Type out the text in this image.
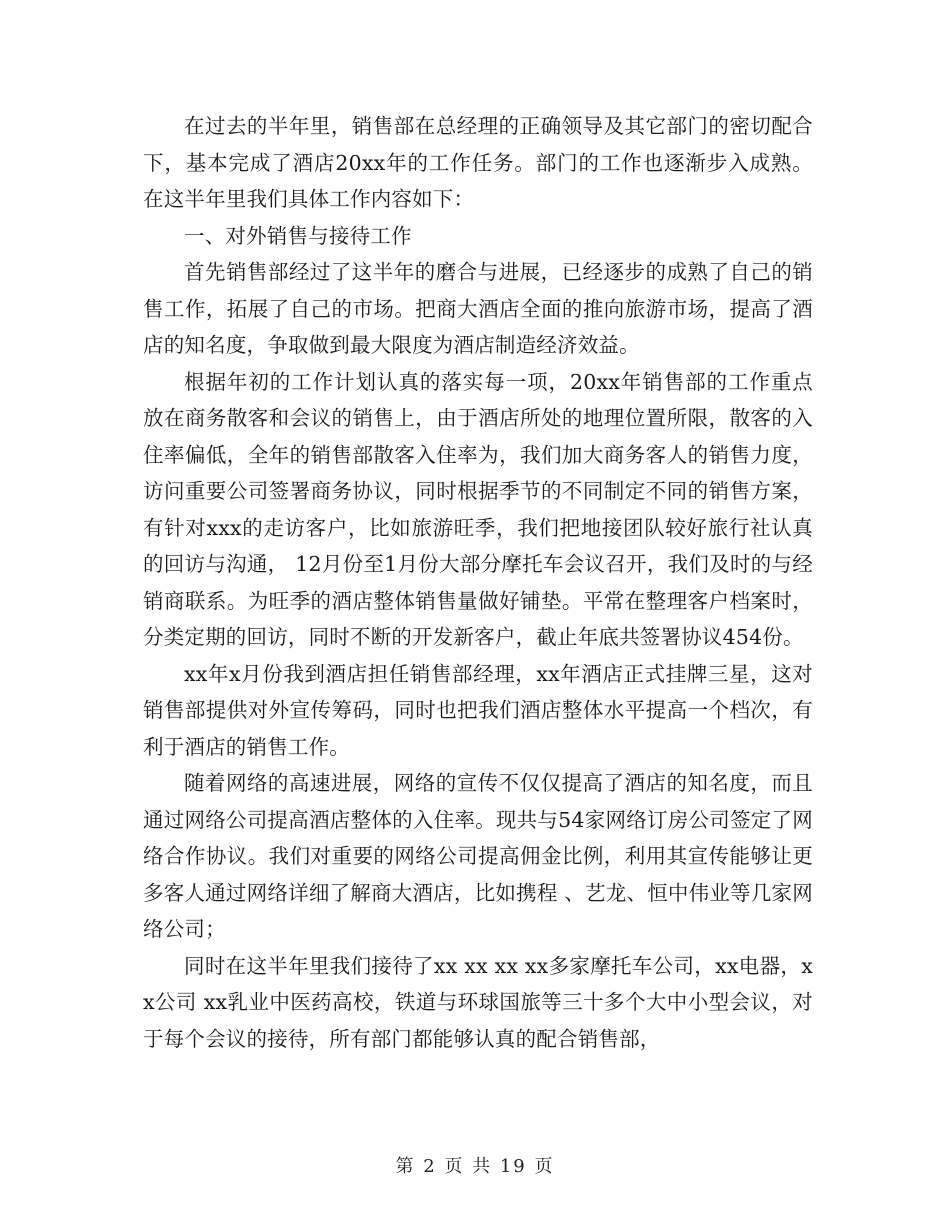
在过去的半年里，销售部在总经理的正确领导及其它部门的密切配合下，基本完成了酒店20xx年的工作任务。部门的工作也逐渐步入成熟。在这半年里我们具体工作内容如下：

一、对外销售与接待工作

首先销售部经过了这半年的磨合与进展，已经逐步的成熟了自己的销售工作，拓展了自己的市场。把商大酒店全面的推向旅游市场，提高了酒店的知名度，争取做到最大限度为酒店制造经济效益。

根据年初的工作计划认真的落实每一项，20xx年销售部的工作重点放在商务散客和会议的销售上，由于酒店所处的地理位置所限，散客的入住率偏低，全年的销售部散客入住率为，我们加大商务客人的销售力度，访问重要公司签署商务协议，同时根据季节的不同制定不同的销售方案，有针对xxx的走访客户，比如旅游旺季，我们把地接团队较好旅行社认真的回访与沟通， 12月份至1月份大部分摩托车会议召开，我们及时的与经销商联系。为旺季的酒店整体销售量做好铺垫。平常在整理客户档案时，分类定期的回访，同时不断的开发新客户，截止年底共签署协议454份。

xx年x月份我到酒店担任销售部经理，xx年酒店正式挂牌三星，这对销售部提供对外宣传筹码，同时也把我们酒店整体水平提高一个档次，有利于酒店的销售工作。

随着网络的高速进展，网络的宣传不仅仅提高了酒店的知名度，而且通过网络公司提高酒店整体的入住率。现共与54家网络订房公司签定了网络合作协议。我们对重要的网络公司提高佣金比例，利用其宣传能够让更多客人通过网络详细了解商大酒店，比如携程 、艺龙、恒中伟业等几家网络公司；

同时在这半年里我们接待了xx xx xx xx多家摩托车公司，xx电器，xx公司 xx乳业中医药高校，铁道与环球国旅等三十多个大中小型会议，对于每个会议的接待，所有部门都能够认真的配合销售部，

第 2 页 共 19 页
